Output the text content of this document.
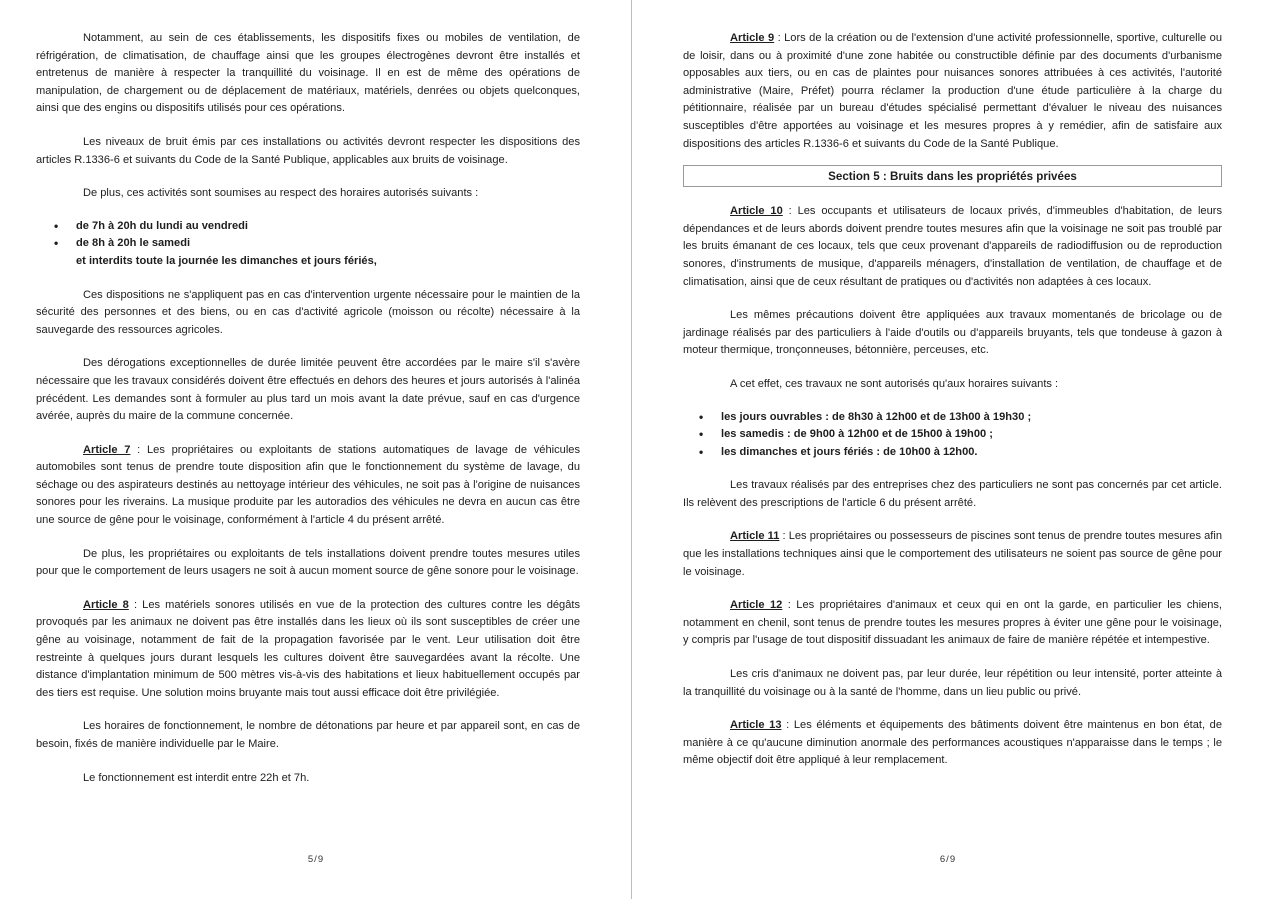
Notamment, au sein de ces établissements, les dispositifs fixes ou mobiles de ventilation, de réfrigération, de climatisation, de chauffage ainsi que les groupes électrogènes devront être installés et entretenus de manière à respecter la tranquillité du voisinage. Il en est de même des opérations de manipulation, de chargement ou de déplacement de matériaux, matériels, denrées ou objets quelconques, ainsi que des engins ou dispositifs utilisés pour ces opérations.

Les niveaux de bruit émis par ces installations ou activités devront respecter les dispositions des articles R.1336-6 et suivants du Code de la Santé Publique, applicables aux bruits de voisinage.

De plus, ces activités sont soumises au respect des horaires autorisés suivants :

• de 7h à 20h du lundi au vendredi
• de 8h à 20h le samedi
et interdits toute la journée les dimanches et jours fériés,

Ces dispositions ne s'appliquent pas en cas d'intervention urgente nécessaire pour le maintien de la sécurité des personnes et des biens, ou en cas d'activité agricole (moisson ou récolte) nécessaire à la sauvegarde des ressources agricoles.

Des dérogations exceptionnelles de durée limitée peuvent être accordées par le maire s'il s'avère nécessaire que les travaux considérés doivent être effectués en dehors des heures et jours autorisés à l'alinéa précédent. Les demandes sont à formuler au plus tard un mois avant la date prévue, sauf en cas d'urgence avérée, auprès du maire de la commune concernée.

Article 7 : Les propriétaires ou exploitants de stations automatiques de lavage de véhicules automobiles sont tenus de prendre toute disposition afin que le fonctionnement du système de lavage, du séchage ou des aspirateurs destinés au nettoyage intérieur des véhicules, ne soit pas à l'origine de nuisances sonores pour les riverains. La musique produite par les autoradios des véhicules ne devra en aucun cas être une source de gêne pour le voisinage, conformément à l'article 4 du présent arrêté.

De plus, les propriétaires ou exploitants de tels installations doivent prendre toutes mesures utiles pour que le comportement de leurs usagers ne soit à aucun moment source de gêne sonore pour le voisinage.

Article 8 : Les matériels sonores utilisés en vue de la protection des cultures contre les dégâts provoqués par les animaux ne doivent pas être installés dans les lieux où ils sont susceptibles de créer une gêne au voisinage, notamment de fait de la propagation favorisée par le vent. Leur utilisation doit être restreinte à quelques jours durant lesquels les cultures doivent être sauvegardées avant la récolte. Une distance d'implantation minimum de 500 mètres vis-à-vis des habitations et lieux habituellement occupés par des tiers est requise. Une solution moins bruyante mais tout aussi efficace doit être privilégiée.

Les horaires de fonctionnement, le nombre de détonations par heure et par appareil sont, en cas de besoin, fixés de manière individuelle par le Maire.

Le fonctionnement est interdit entre 22h et 7h.

5/9

Article 9 : Lors de la création ou de l'extension d'une activité professionnelle, sportive, culturelle ou de loisir, dans ou à proximité d'une zone habitée ou constructible définie par des documents d'urbanisme opposables aux tiers, ou en cas de plaintes pour nuisances sonores attribuées à ces activités, l'autorité administrative (Maire, Préfet) pourra réclamer la production d'une étude particulière à la charge du pétitionnaire, réalisée par un bureau d'études spécialisé permettant d'évaluer le niveau des nuisances susceptibles d'être apportées au voisinage et les mesures propres à y remédier, afin de satisfaire aux dispositions des articles R.1336-6 et suivants du Code de la Santé Publique.

Section 5 : Bruits dans les propriétés privées

Article 10 : Les occupants et utilisateurs de locaux privés, d'immeubles d'habitation, de leurs dépendances et de leurs abords doivent prendre toutes mesures afin que la voisinage ne soit pas troublé par les bruits émanant de ces locaux, tels que ceux provenant d'appareils de radiodiffusion ou de reproduction sonores, d'instruments de musique, d'appareils ménagers, d'installation de ventilation, de chauffage et de climatisation, ainsi que de ceux résultant de pratiques ou d'activités non adaptées à ces locaux.

Les mêmes précautions doivent être appliquées aux travaux momentanés de bricolage ou de jardinage réalisés par des particuliers à l'aide d'outils ou d'appareils bruyants, tels que tondeuse à gazon à moteur thermique, tronçonneuses, bétonnière, perceuses, etc.

A cet effet, ces travaux ne sont autorisés qu'aux horaires suivants :

• les jours ouvrables : de 8h30 à 12h00 et de 13h00 à 19h30 ;
• les samedis : de 9h00 à 12h00 et de 15h00 à 19h00 ;
• les dimanches et jours fériés : de 10h00 à 12h00.

Les travaux réalisés par des entreprises chez des particuliers ne sont pas concernés par cet article. Ils relèvent des prescriptions de l'article 6 du présent arrêté.

Article 11 : Les propriétaires ou possesseurs de piscines sont tenus de prendre toutes mesures afin que les installations techniques ainsi que le comportement des utilisateurs ne soient pas source de gêne pour le voisinage.

Article 12 : Les propriétaires d'animaux et ceux qui en ont la garde, en particulier les chiens, notamment en chenil, sont tenus de prendre toutes les mesures propres à éviter une gêne pour le voisinage, y compris par l'usage de tout dispositif dissuadant les animaux de faire de manière répétée et intempestive.

Les cris d'animaux ne doivent pas, par leur durée, leur répétition ou leur intensité, porter atteinte à la tranquillité du voisinage ou à la santé de l'homme, dans un lieu public ou privé.

Article 13 : Les éléments et équipements des bâtiments doivent être maintenus en bon état, de manière à ce qu'aucune diminution anormale des performances acoustiques n'apparaisse dans le temps ; le même objectif doit être appliqué à leur remplacement.

6/9
